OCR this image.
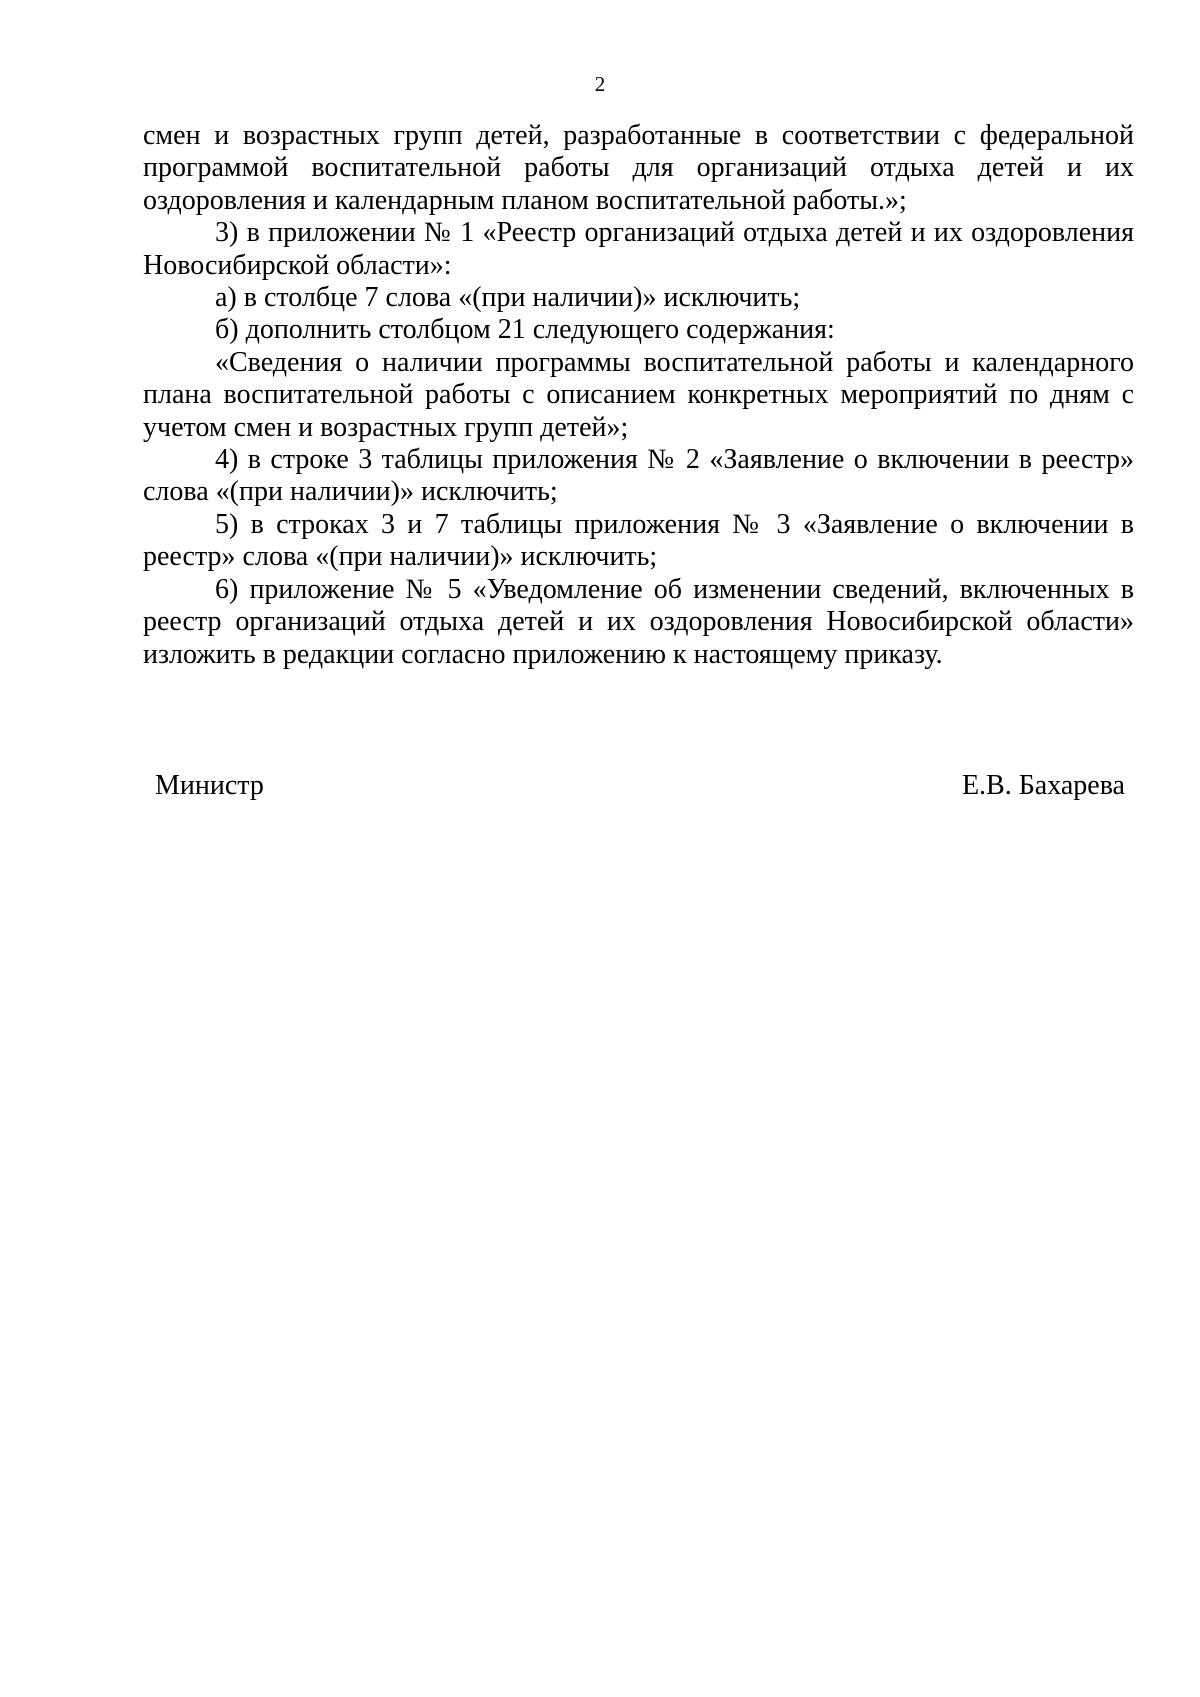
2

смен и возрастных групп детей, разработанные в соответствии с федеральной программой воспитательной работы для организаций отдыха детей и их оздоровления и календарным планом воспитательной работы.»;

3) в приложении № 1 «Реестр организаций отдыха детей и их оздоровления Новосибирской области»:

а) в столбце 7 слова «(при наличии)» исключить;

б) дополнить столбцом 21 следующего содержания:

«Сведения о наличии программы воспитательной работы и календарного плана воспитательной работы с описанием конкретных мероприятий по дням с учетом смен и возрастных групп детей»;

4) в строке 3 таблицы приложения № 2 «Заявление о включении в реестр» слова «(при наличии)» исключить;

5) в строках 3 и 7 таблицы приложения № 3 «Заявление о включении в реестр» слова «(при наличии)» исключить;

6) приложение № 5 «Уведомление об изменении сведений, включенных в реестр организаций отдыха детей и их оздоровления Новосибирской области» изложить в редакции согласно приложению к настоящему приказу.

Министр	Е.В. Бахарева
